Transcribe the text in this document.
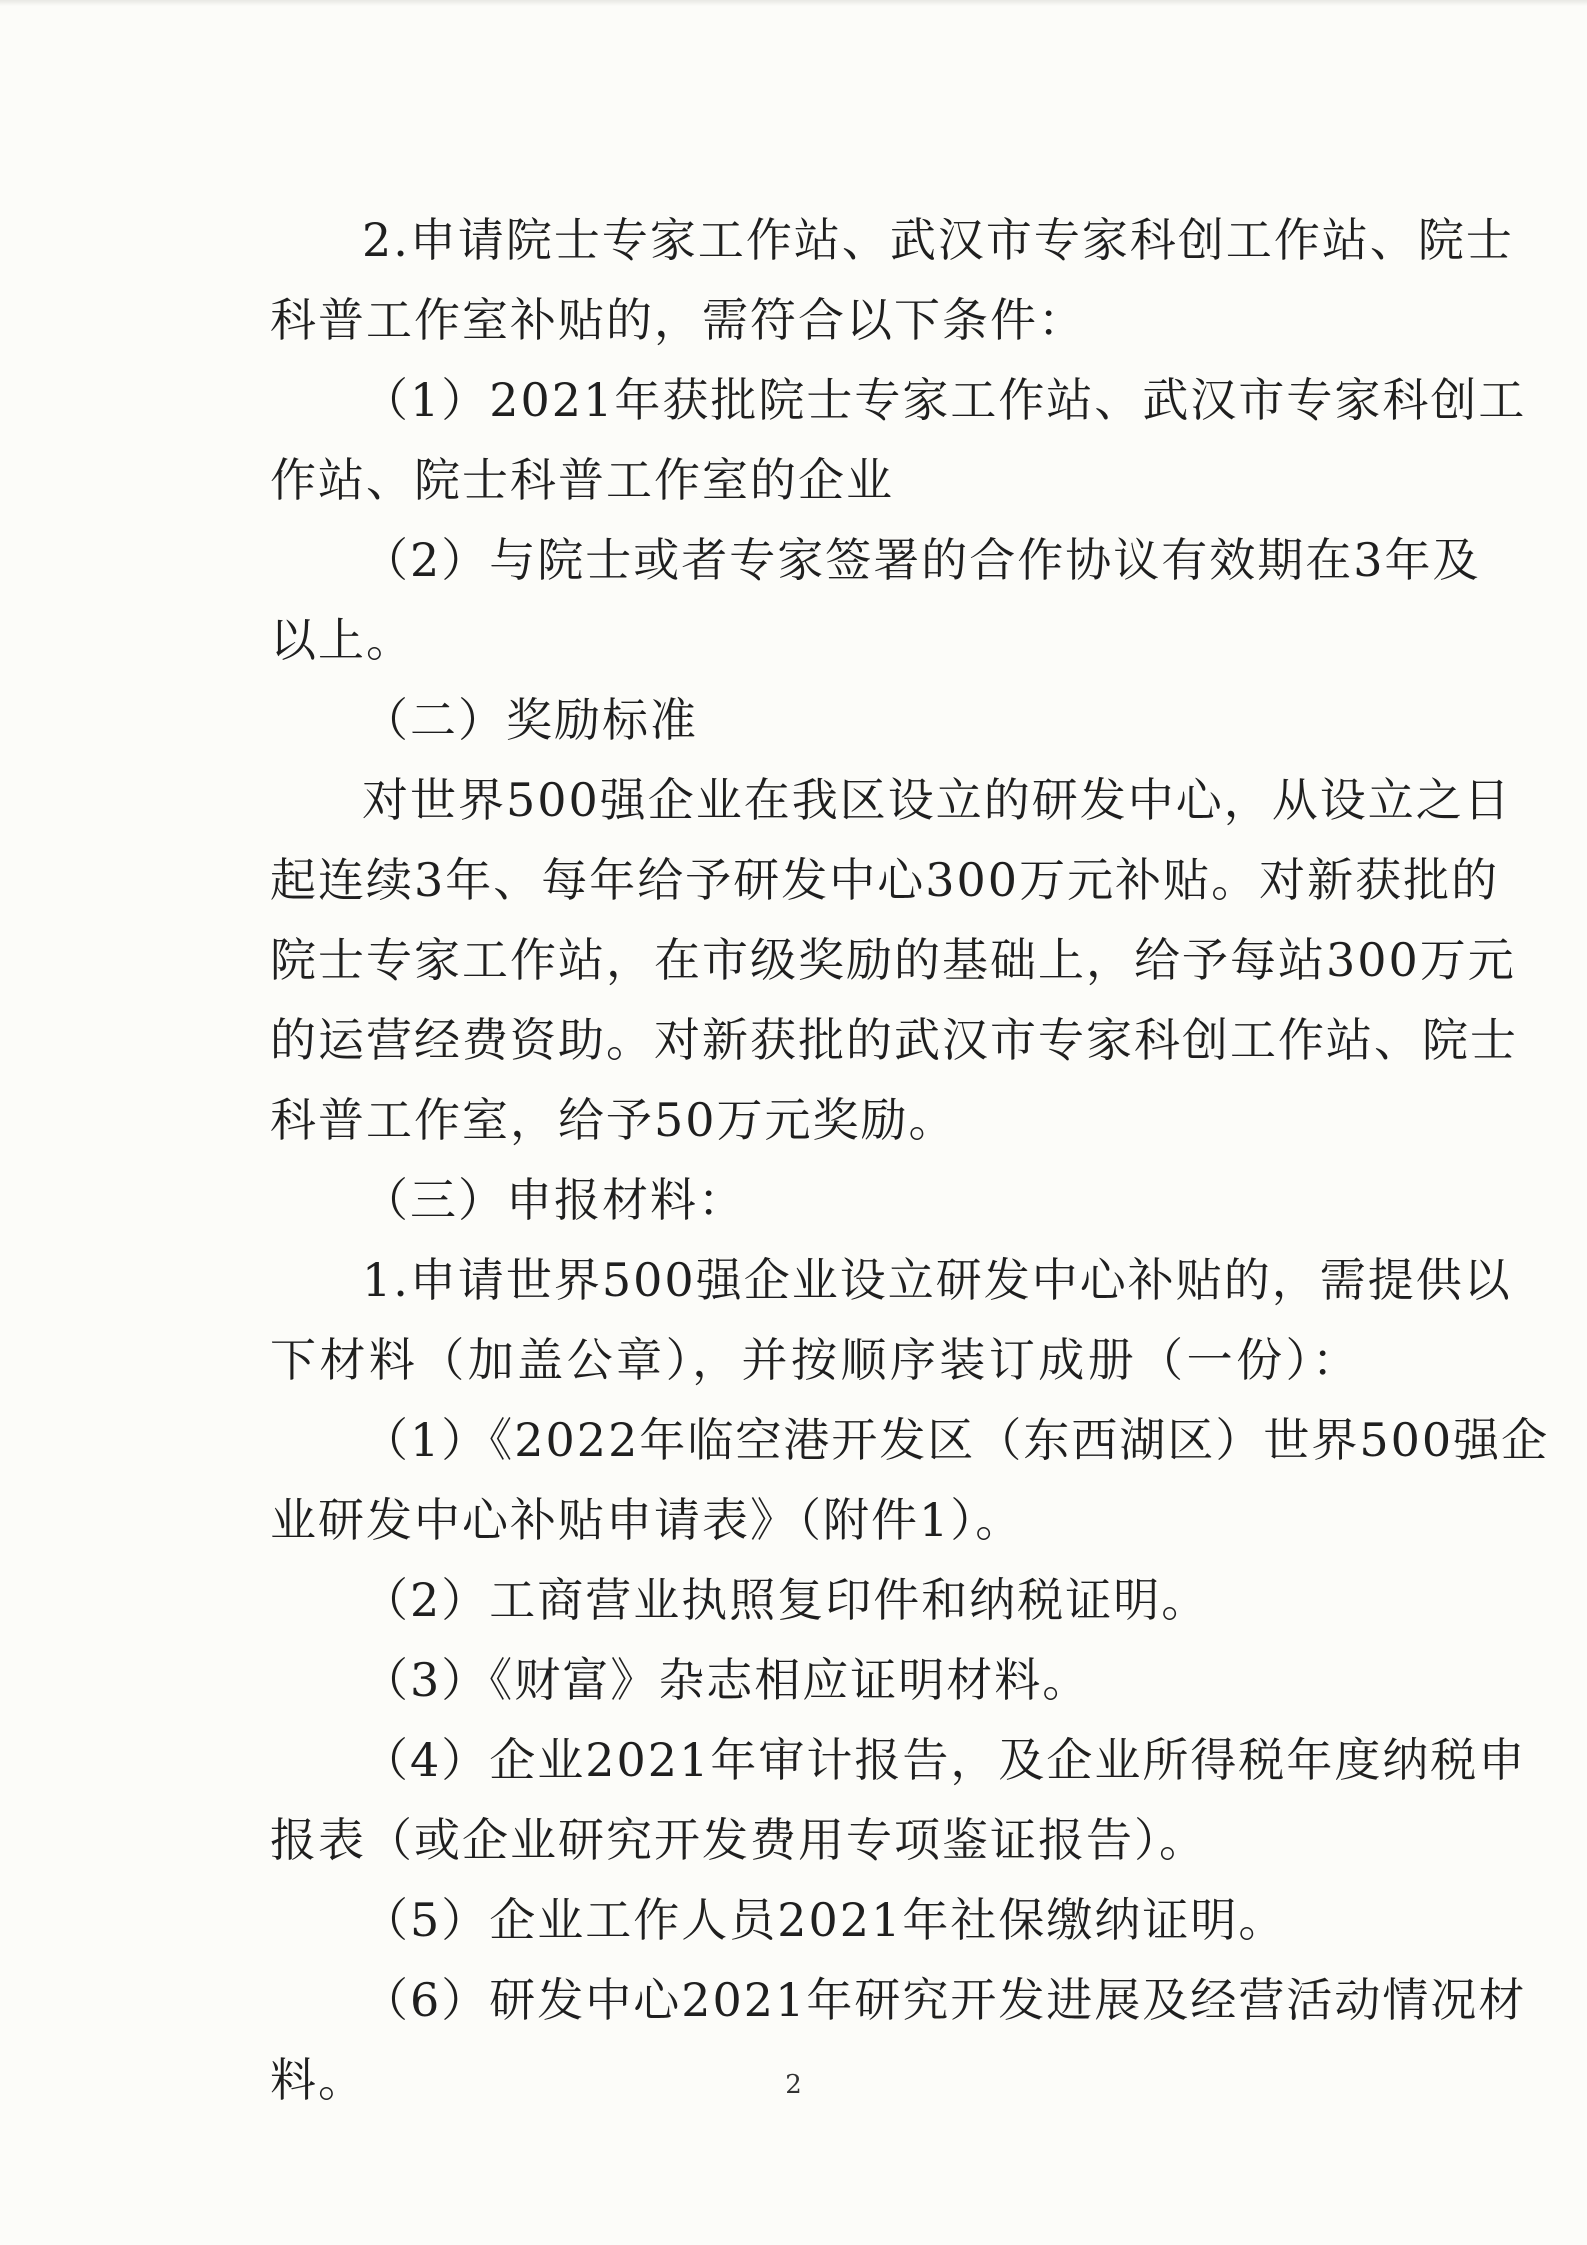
2.申请院士专家工作站、武汉市专家科创工作站、院士
科普工作室补贴的，需符合以下条件：
（1）2021年获批院士专家工作站、武汉市专家科创工
作站、院士科普工作室的企业
（2）与院士或者专家签署的合作协议有效期在3年及
以上。
（二）奖励标准
对世界500强企业在我区设立的研发中心，从设立之日
起连续3年、每年给予研发中心300万元补贴。对新获批的
院士专家工作站，在市级奖励的基础上，给予每站300万元
的运营经费资助。对新获批的武汉市专家科创工作站、院士
科普工作室，给予50万元奖励。
（三）申报材料：
1.申请世界500强企业设立研发中心补贴的，需提供以
下材料（加盖公章），并按顺序装订成册（一份）：
（1）《2022年临空港开发区（东西湖区）世界500强企
业研发中心补贴申请表》（附件1）。
（2）工商营业执照复印件和纳税证明。
（3）《财富》杂志相应证明材料。
（4）企业2021年审计报告，及企业所得税年度纳税申
报表（或企业研究开发费用专项鉴证报告）。
（5）企业工作人员2021年社保缴纳证明。
（6）研发中心2021年研究开发进展及经营活动情况材
料。	2
